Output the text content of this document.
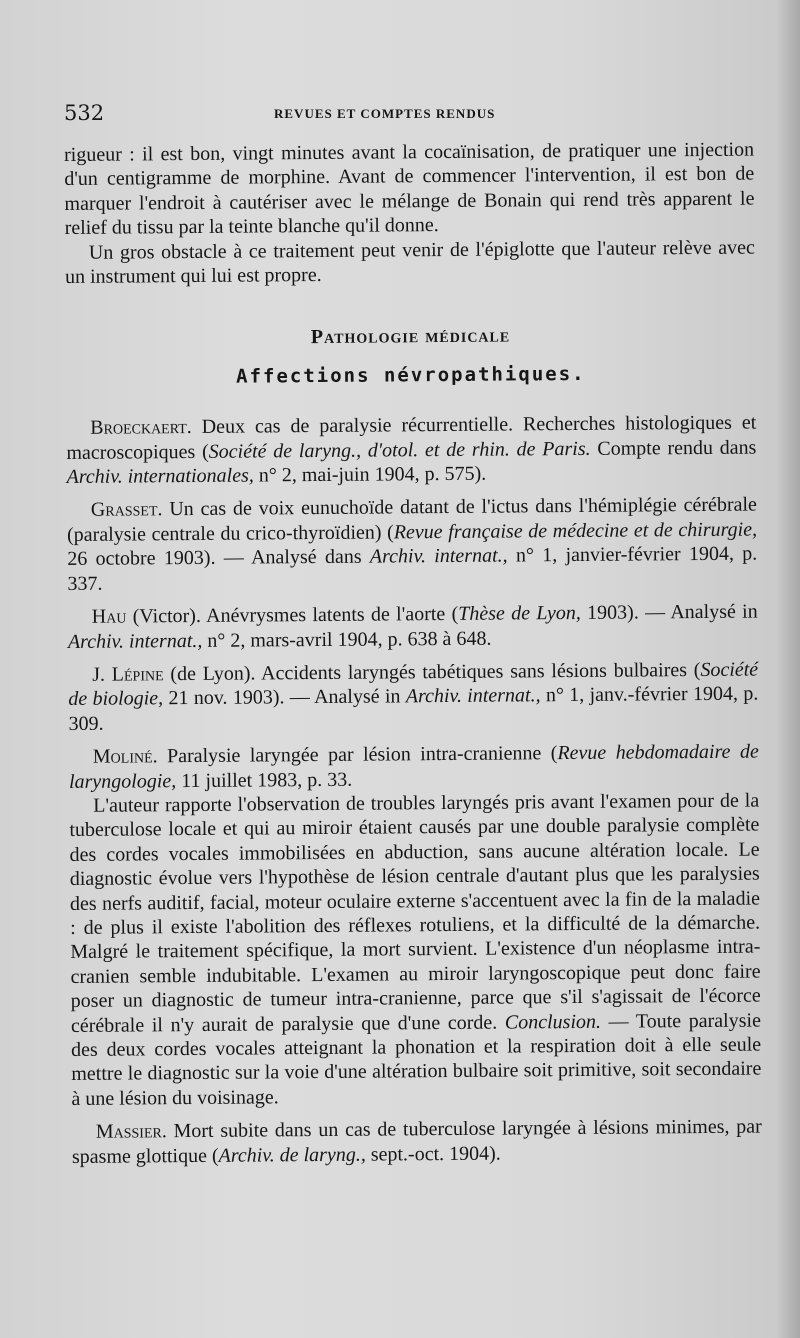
532	REVUES ET COMPTES RENDUS

rigueur : il est bon, vingt minutes avant la cocaïnisation, de pratiquer une injection d'un centigramme de morphine. Avant de commencer l'intervention, il est bon de marquer l'endroit à cautériser avec le mélange de Bonain qui rend très apparent le relief du tissu par la teinte blanche qu'il donne.

Un gros obstacle à ce traitement peut venir de l'épiglotte que l'auteur relève avec un instrument qui lui est propre.

Pathologie médicale
Affections névropathiques.

Broeckaert. Deux cas de paralysie récurrentielle. Recherches histologiques et macroscopiques (Société de laryng., d'otol. et de rhin. de Paris. Compte rendu dans Archiv. internationales, n° 2, mai-juin 1904, p. 575).

Grasset. Un cas de voix eunuchoïde datant de l'ictus dans l'hémiplégie cérébrale (paralysie centrale du crico-thyroïdien) (Revue française de médecine et de chirurgie, 26 octobre 1903). — Analysé dans Archiv. internat., n° 1, janvier-février 1904, p. 337.

Hau (Victor). Anévrysmes latents de l'aorte (Thèse de Lyon, 1903). — Analysé in Archiv. internat., n° 2, mars-avril 1904, p. 638 à 648.

J. Lépine (de Lyon). Accidents laryngés tabétiques sans lésions bulbaires (Société de biologie, 21 nov. 1903). — Analysé in Archiv. internat., n° 1, janv.-février 1904, p. 309.

Moliné. Paralysie laryngée par lésion intra-cranienne (Revue hebdomadaire de laryngologie, 11 juillet 1983, p. 33.

L'auteur rapporte l'observation de troubles laryngés pris avant l'examen pour de la tuberculose locale et qui au miroir étaient causés par une double paralysie complète des cordes vocales immobilisées en abduction, sans aucune altération locale. Le diagnostic évolue vers l'hypothèse de lésion centrale d'autant plus que les paralysies des nerfs auditif, facial, moteur oculaire externe s'accentuent avec la fin de la maladie : de plus il existe l'abolition des réflexes rotuliens, et la difficulté de la démarche. Malgré le traitement spécifique, la mort survient. L'existence d'un néoplasme intra-cranien semble indubitable. L'examen au miroir laryngoscopique peut donc faire poser un diagnostic de tumeur intra-cranienne, parce que s'il s'agissait de l'écorce cérébrale il n'y aurait de paralysie que d'une corde. Conclusion. — Toute paralysie des deux cordes vocales atteignant la phonation et la respiration doit à elle seule mettre le diagnostic sur la voie d'une altération bulbaire soit primitive, soit secondaire à une lésion du voisinage.

Massier. Mort subite dans un cas de tuberculose laryngée à lésions minimes, par spasme glottique (Archiv. de laryng., sept.-oct. 1904).
